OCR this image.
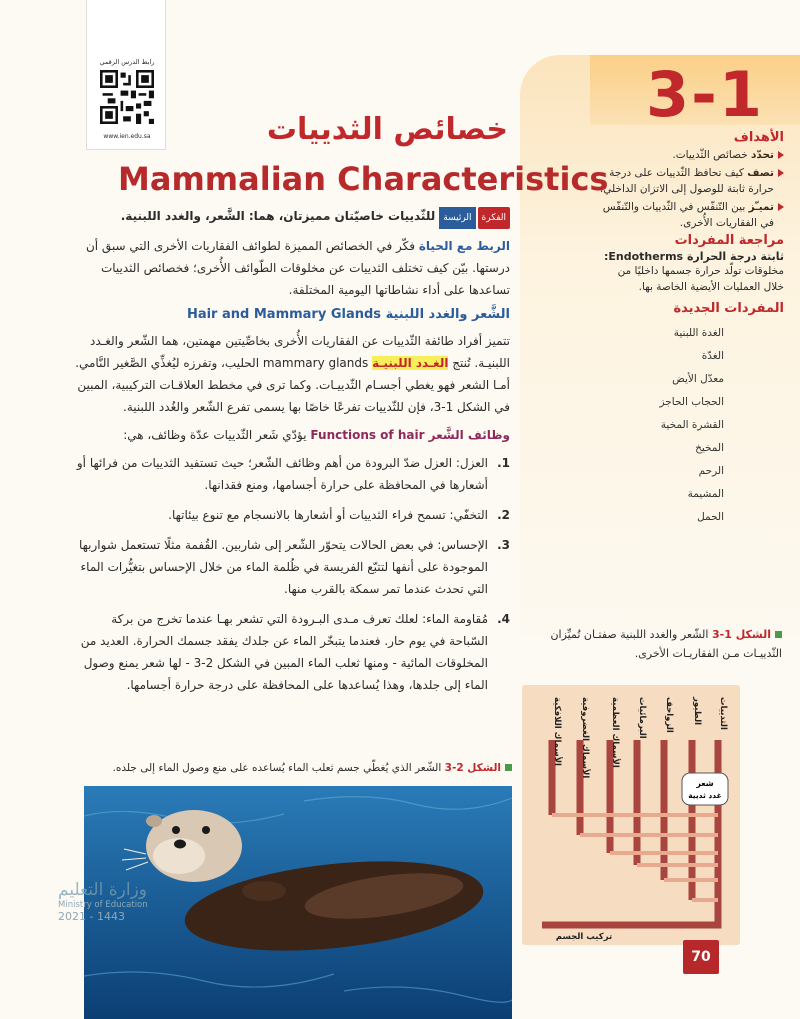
3-1
رابط الدرس الرقمي
www.ien.edu.sa	خصائص الثدييات
Mammalian Characteristics

الفكرةالرئيسةللثّدييات خاصيّتان مميزتان، هما: الشَّعر، والغدد اللبنية.

الربط مع الحياة فكّر في الخصائص المميزة لطوائف الفقاريات الأخرى التي سبق أن درستها. بيّن كيف تختلف الثدييات عن مخلوقات الطّوائف الأُخرى؛ فخصائص الثدييات تساعدها على أداء نشاطاتها اليومية المختلفة.

الشَّعر والغدد اللبنية Hair and Mammary Glands

تتميز أفراد طائفة الثّدييات عن الفقاريات الأُخرى بخاصِّيتين مهمتين، هما الشّعر والغـدد اللبنيـة. تُنتج الغـدد اللبنيـة mammary glands الحليب، وتفرزه ليُغذِّي الصَّغير النَّامي. أمـا الشعر فهو يغطي أجسـام الثّدييـات. وكما ترى في مخطط العلاقـات التركيبية، المبين في الشكل 1-3، فإن للثّدييات تفرعًا خاصًا بها يسمى تفرع الشّعر والغُدد اللبنية.

وظائف الشَّعر Functions of hair يؤدّي شَعر الثّدييات عدّة وظائف، هي:

1.
العزل: العزل ضدّ البرودة من أهم وظائف الشّعر؛ حيث تستفيد الثدييات من فرائها أو أشعارها في المحافظة على حرارة أجسامها، ومنع فقدانها.
2.
التخفّي: تسمح فراء الثدييات أو أشعارها بالانسجام مع تنوع بيئاتها.
3.
الإحساس: في بعض الحالات يتحوّر الشّعر إلى شاربين. القُفمة مثلًا تستعمل شواربها الموجودة على أنفها لتتبّع الفريسة في ظُلمة الماء من خلال الإحساس بتغيُّرات الماء التي تحدث عندما تمر سمكة بالقرب منها.
4.
مُقاومة الماء: لعلك تعرف مـدى البـرودة التي تشعر بهـا عندما تخرج من بركة السّباحة في يوم حار. فعندما يتبخّر الماء عن جلدك يفقد جسمك الحرارة. العديد من المخلوقات المائية - ومنها ثعلب الماء المبين في الشكل 2-3 - لها شعر يمنع وصول الماء إلى جلدها، وهذا يُساعدها على المحافظة على درجة حرارة أجسامها.
الأهداف
تحدّد خصائص الثّدييات.
تصف كيف تحافظ الثّدييات على درجة حرارة ثابتة للوصول إلى الاتزان الداخلي.
تميـّز بين التّنفّس في الثّدييات والتّنفّس في الفقاريات الأُخرى.
مراجعة المفردات
ثابتة درجة الحرارة Endotherms:
مخلوقات تولّد حرارة جسمها داخليًا من خلال العمليات الأيضية الخاصة بها.
المفردات الجديدة
الغدة اللبنية
الغدّة
معدّل الأيض
الحجاب الحاجز
القشرة المخية
المخيخ
الرحم
المشيمة
الحمل
الشكل 1-3 الشّعر والغدد اللبنية صفتـان تُميِّزان الثّدييـات مـن الفقاريـات الأخرى.
الثدييات
الطيور
الزواحف
البرمائيات
الأسماك العظمية
الأسماك الغضروفية
الأسماك اللافكية
شعر
غدد ثديية
تركيب الجسم
الشكل 2-3 الشّعر الذي يُغطّي جسم ثعلب الماء يُساعده على منع وصول الماء إلى جلده.
وزارة التعليم
Ministry of Education
2021 - 1443
70
